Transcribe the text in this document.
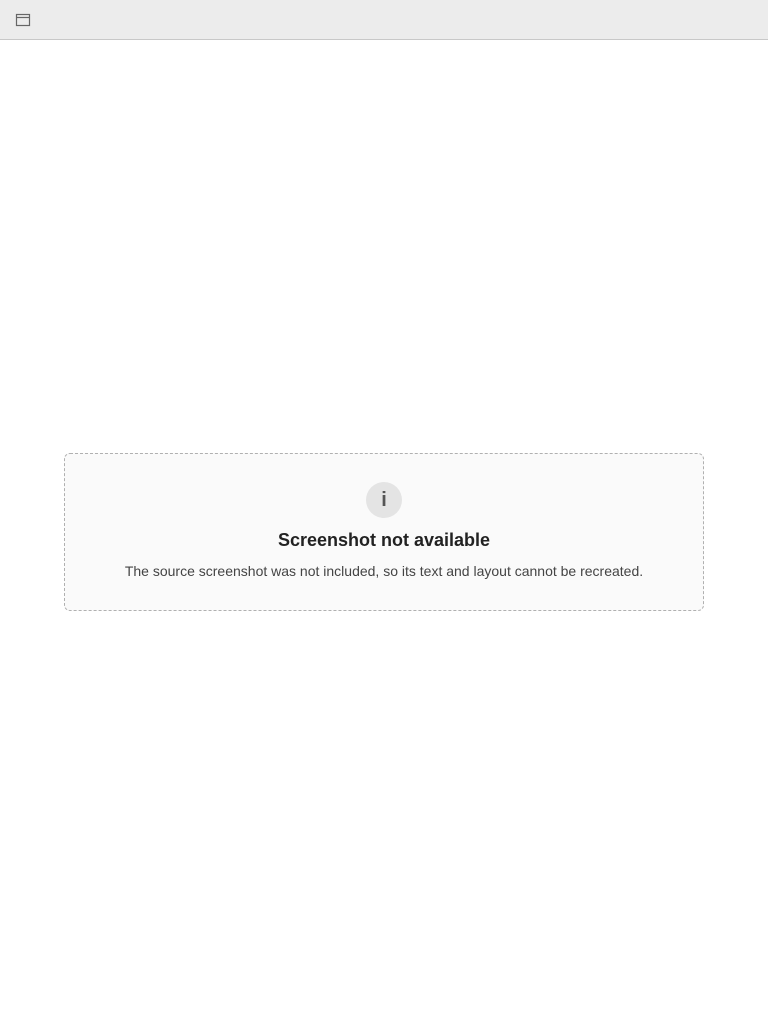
i

Screenshot not available

The source screenshot was not included, so its text and layout cannot be recreated.
